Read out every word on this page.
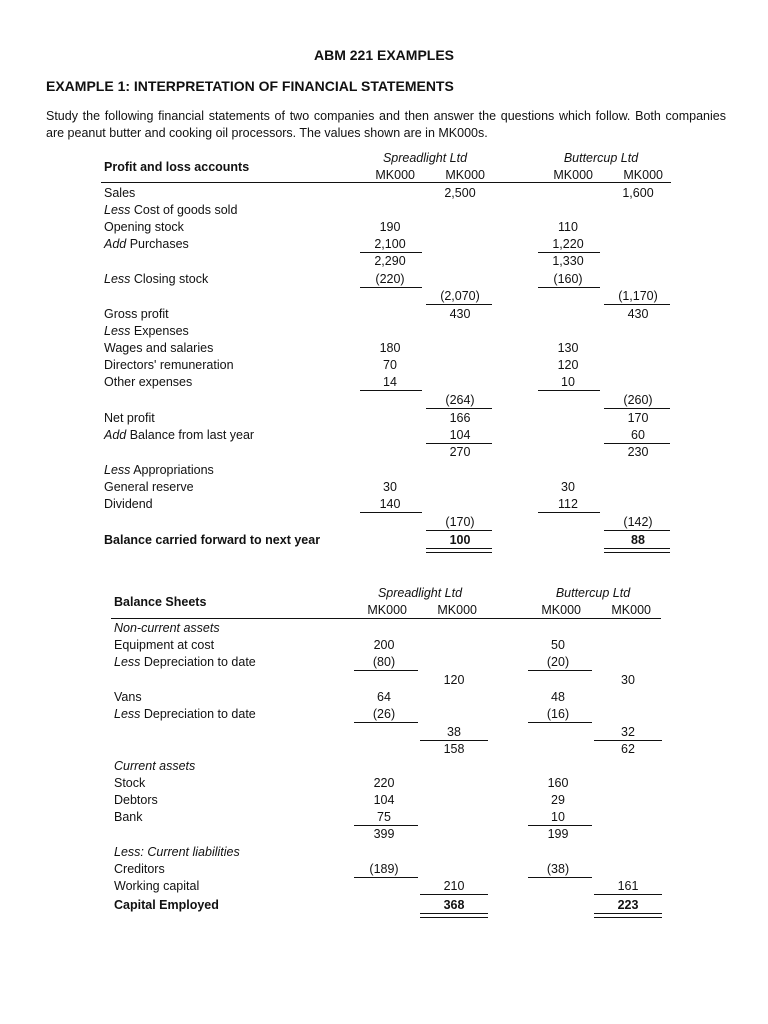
ABM 221 EXAMPLES
EXAMPLE 1: INTERPRETATION OF FINANCIAL STATEMENTS
Study the following financial statements of two companies and then answer the questions which follow. Both companies are peanut butter and cooking oil processors. The values shown are in MK000s.
Profit and loss accounts
Spreadlight Ltd	Buttercup Ltd
MK000	MK000	MK000	MK000
Sales	2,500	1,600
Less Cost of goods sold
Opening stock	190	110
Add Purchases	2,100	1,220
2,290	1,330
Less Closing stock	(220)	(160)
(2,070)	(1,170)
Gross profit	430	430
Less Expenses
Wages and salaries	180	130
Directors' remuneration	70	120
Other expenses	14	10
(264)	(260)
Net profit	166	170
Add Balance from last year	104	60
270	230
Less Appropriations
General reserve	30	30
Dividend	140	112
(170)	(142)
Balance carried forward to next year	100	88
Balance Sheets
Spreadlight Ltd	Buttercup Ltd
MK000	MK000	MK000	MK000
Non-current assets
Equipment at cost	200	50
Less Depreciation to date	(80)	(20)
120	30
Vans	64	48
Less Depreciation to date	(26)	(16)
38	32
158	62
Current assets
Stock	220	160
Debtors	104	29
Bank	75	10
399	199
Less: Current liabilities
Creditors	(189)	(38)
Working capital	210	161
Capital Employed	368	223
